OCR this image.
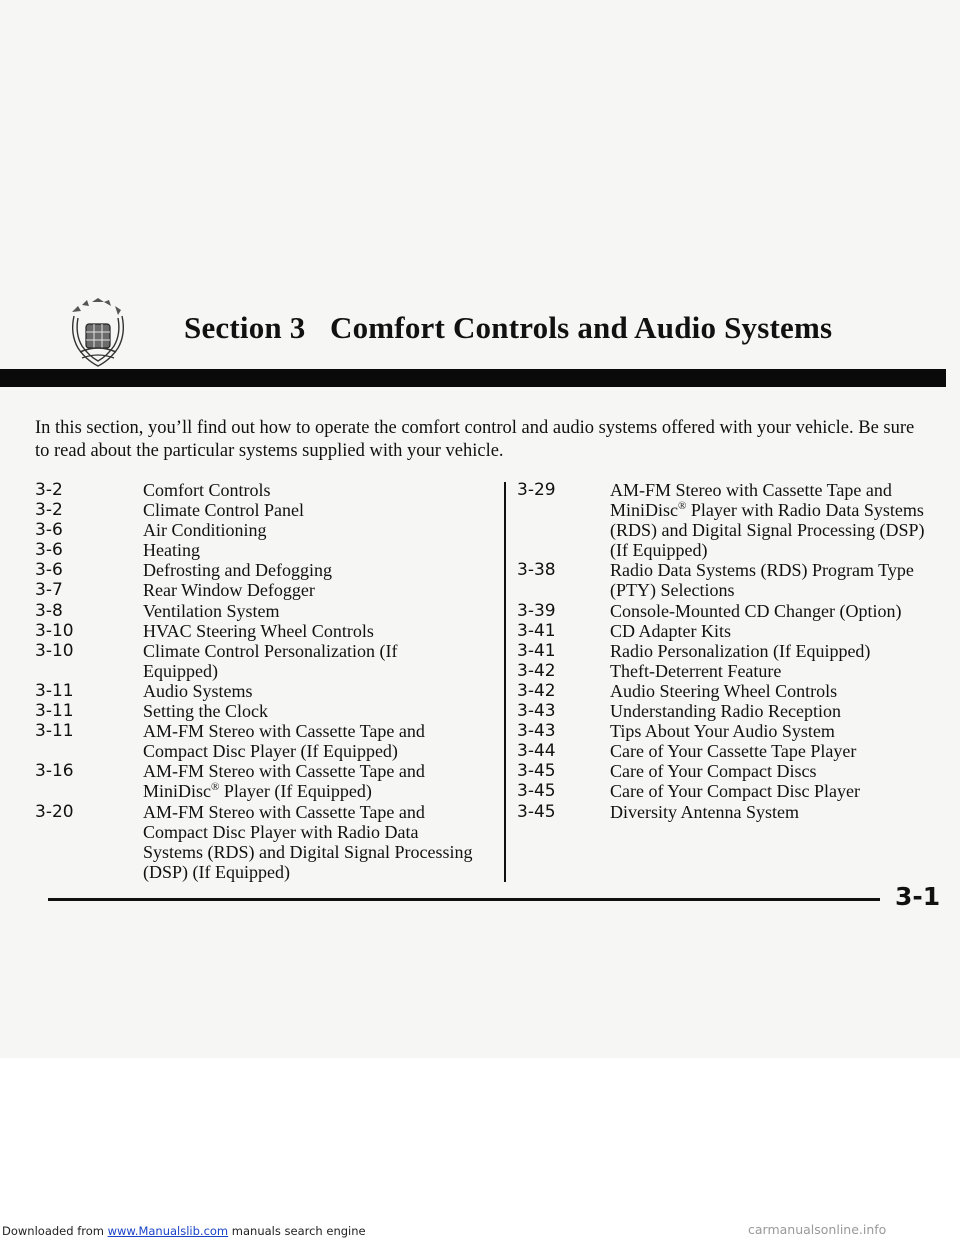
Section 3 Comfort Controls and Audio Systems

In this section, you’ll find out how to operate the comfort control and audio systems offered with your vehicle. Be sure to read about the particular systems supplied with your vehicle.

3-2	Comfort Controls
3-2	Climate Control Panel
3-6	Air Conditioning
3-6	Heating
3-6	Defrosting and Defogging
3-7	Rear Window Defogger
3-8	Ventilation System
3-10	HVAC Steering Wheel Controls
3-10	Climate Control Personalization (If Equipped)
3-11	Audio Systems
3-11	Setting the Clock
3-11	AM-FM Stereo with Cassette Tape and Compact Disc Player (If Equipped)
3-16	AM-FM Stereo with Cassette Tape and MiniDisc® Player (If Equipped)
3-20	AM-FM Stereo with Cassette Tape and Compact Disc Player with Radio Data Systems (RDS) and Digital Signal Processing (DSP) (If Equipped)
3-29	AM-FM Stereo with Cassette Tape and MiniDisc® Player with Radio Data Systems (RDS) and Digital Signal Processing (DSP) (If Equipped)
3-38	Radio Data Systems (RDS) Program Type (PTY) Selections
3-39	Console-Mounted CD Changer (Option)
3-41	CD Adapter Kits
3-41	Radio Personalization (If Equipped)
3-42	Theft-Deterrent Feature
3-42	Audio Steering Wheel Controls
3-43	Understanding Radio Reception
3-43	Tips About Your Audio System
3-44	Care of Your Cassette Tape Player
3-45	Care of Your Compact Discs
3-45	Care of Your Compact Disc Player
3-45	Diversity Antenna System
3-1
Downloaded from www.Manualslib.com manuals search engine	carmanualsonline.info
